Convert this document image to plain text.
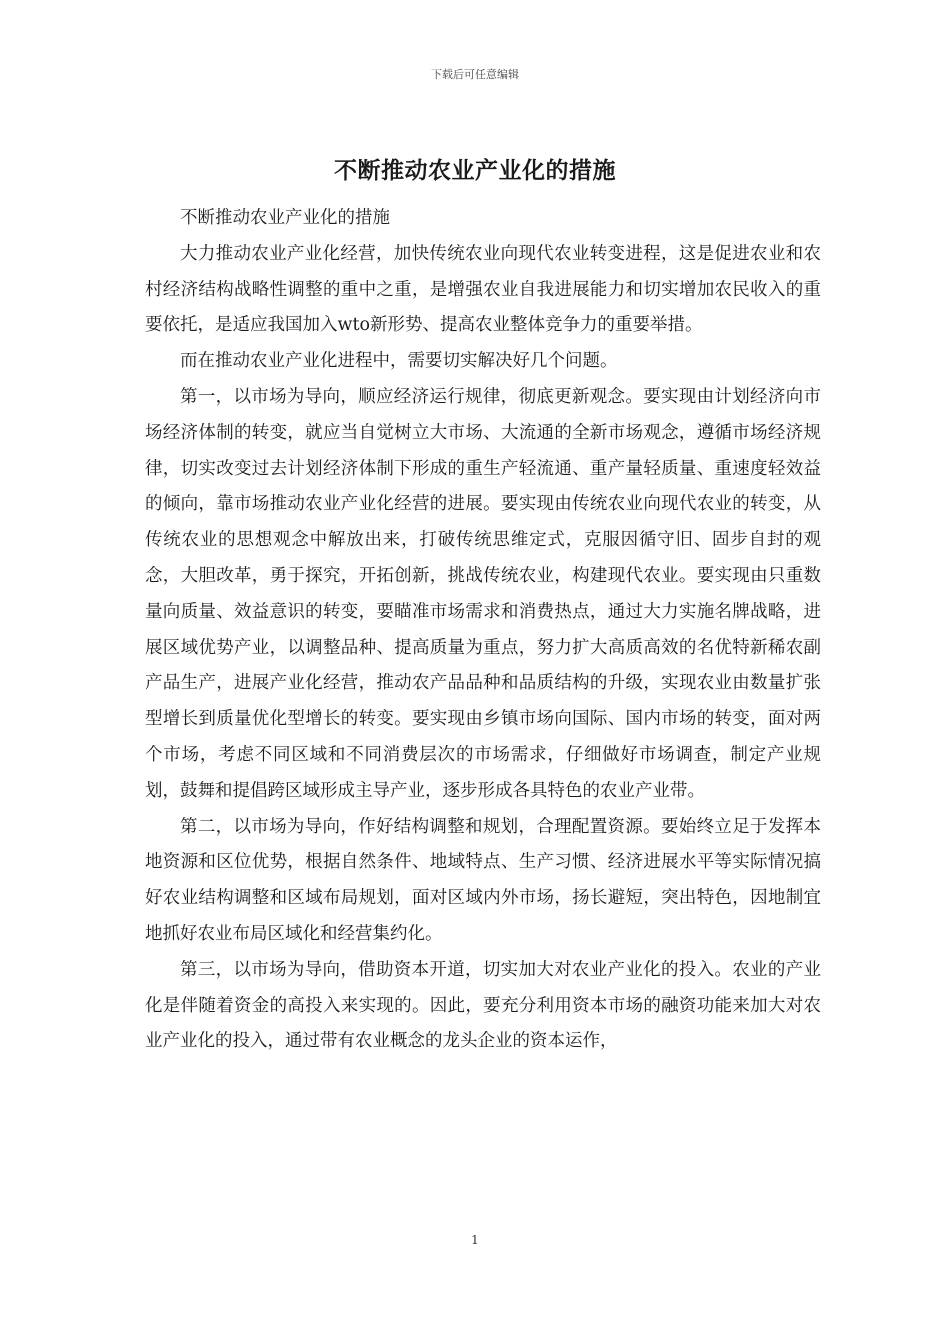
下载后可任意编辑
不断推动农业产业化的措施

不断推动农业产业化的措施

大力推动农业产业化经营，加快传统农业向现代农业转变进程，这是促进农业和农村经济结构战略性调整的重中之重，是增强农业自我进展能力和切实增加农民收入的重要依托，是适应我国加入wto新形势、提高农业整体竞争力的重要举措。

而在推动农业产业化进程中，需要切实解决好几个问题。

第一，以市场为导向，顺应经济运行规律，彻底更新观念。要实现由计划经济向市场经济体制的转变，就应当自觉树立大市场、大流通的全新市场观念，遵循市场经济规律，切实改变过去计划经济体制下形成的重生产轻流通、重产量轻质量、重速度轻效益的倾向，靠市场推动农业产业化经营的进展。要实现由传统农业向现代农业的转变，从传统农业的思想观念中解放出来，打破传统思维定式，克服因循守旧、固步自封的观念，大胆改革，勇于探究，开拓创新，挑战传统农业，构建现代农业。要实现由只重数量向质量、效益意识的转变，要瞄准市场需求和消费热点，通过大力实施名牌战略，进展区域优势产业，以调整品种、提高质量为重点，努力扩大高质高效的名优特新稀农副产品生产，进展产业化经营，推动农产品品种和品质结构的升级，实现农业由数量扩张型增长到质量优化型增长的转变。要实现由乡镇市场向国际、国内市场的转变，面对两个市场，考虑不同区域和不同消费层次的市场需求，仔细做好市场调查，制定产业规划，鼓舞和提倡跨区域形成主导产业，逐步形成各具特色的农业产业带。

第二，以市场为导向，作好结构调整和规划，合理配置资源。要始终立足于发挥本地资源和区位优势，根据自然条件、地域特点、生产习惯、经济进展水平等实际情况搞好农业结构调整和区域布局规划，面对区域内外市场，扬长避短，突出特色，因地制宜地抓好农业布局区域化和经营集约化。

第三，以市场为导向，借助资本开道，切实加大对农业产业化的投入。农业的产业化是伴随着资金的高投入来实现的。因此，要充分利用资本市场的融资功能来加大对农业产业化的投入，通过带有农业概念的龙头企业的资本运作，

1
